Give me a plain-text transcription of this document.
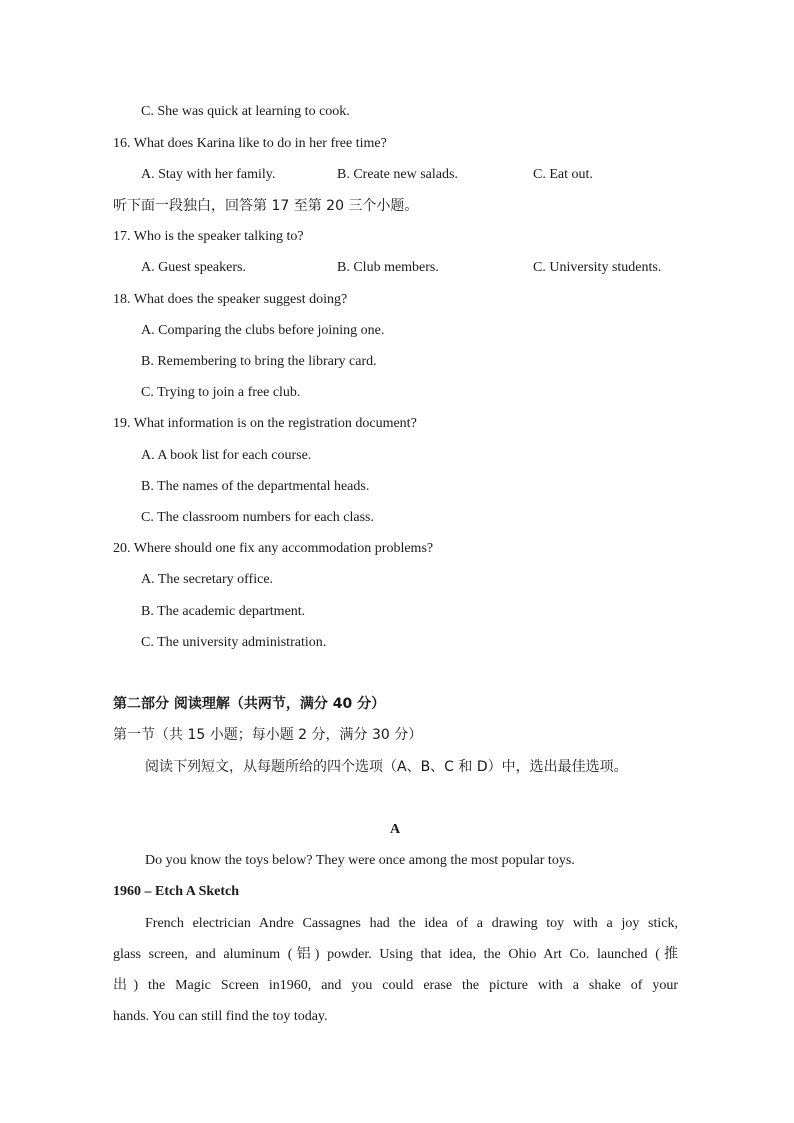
C. She was quick at learning to cook.
16. What does Karina like to do in her free time?
A. Stay with her family.	B. Create new salads.	C. Eat out.
听下面一段独白，回答第 17 至第 20 三个小题。
17. Who is the speaker talking to?
A. Guest speakers.	B. Club members.	C. University students.
18. What does the speaker suggest doing?
A. Comparing the clubs before joining one.
B. Remembering to bring the library card.
C. Trying to join a free club.
19. What information is on the registration document?
A. A book list for each course.
B. The names of the departmental heads.
C. The classroom numbers for each class.
20. Where should one fix any accommodation problems?
A. The secretary office.
B. The academic department.
C. The university administration.
第二部分 阅读理解（共两节，满分 40 分）
第一节（共 15 小题；每小题 2 分，满分 30 分）
阅读下列短文，从每题所给的四个选项（A、B、C 和 D）中，选出最佳选项。
A
Do you know the toys below? They were once among the most popular toys.
1960 – Etch A Sketch
French electrician Andre Cassagnes had the idea of a drawing toy with a joy stick,
glass screen, and aluminum (铝) powder. Using that idea, the Ohio Art Co. launched (推
出) the Magic Screen in1960, and you could erase the picture with a shake of your
hands. You can still find the toy today.
